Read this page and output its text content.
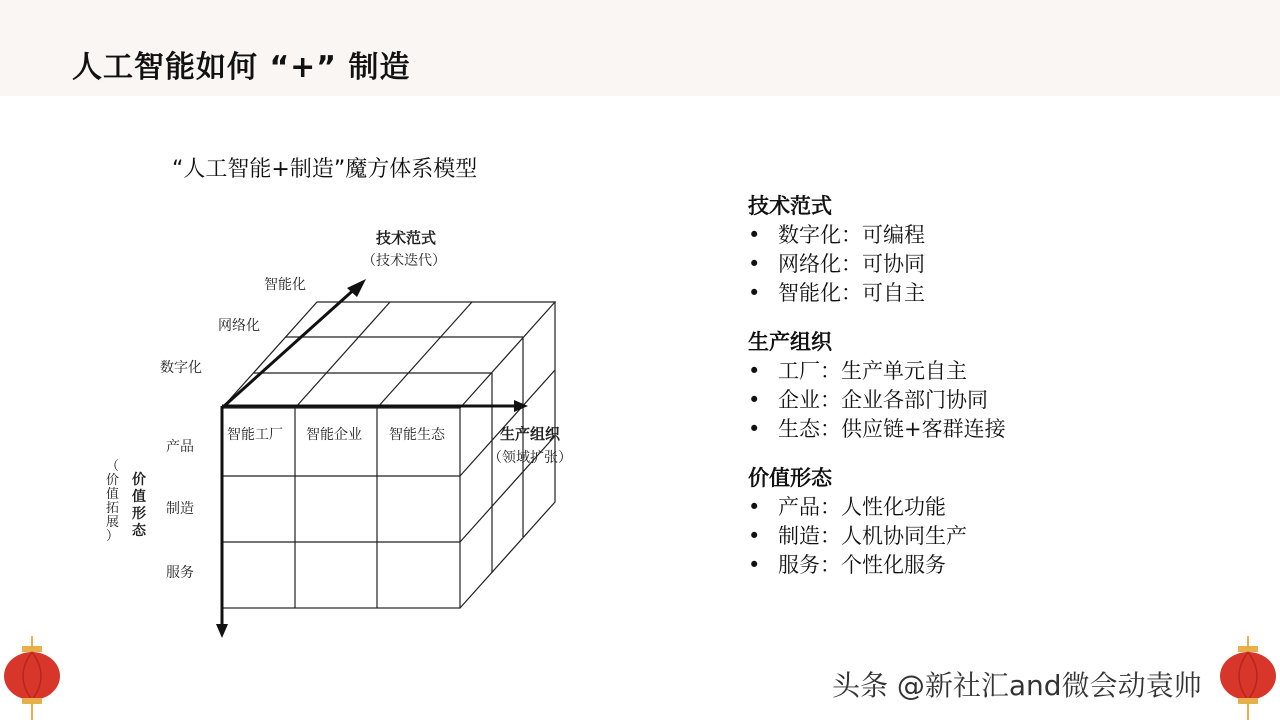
人工智能如何 “+” 制造
“人工智能+制造”魔方体系模型
技术范式
（技术迭代）
生产组织
（领域扩张）
数字化
网络化
智能化
产品
制造
服务
智能工厂 智能企业 智能生态
价值形态
（价值拓展）
技术范式
• 数字化：可编程
• 网络化：可协同
• 智能化：可自主
生产组织
• 工厂：生产单元自主
• 企业：企业各部门协同
• 生态：供应链+客群连接
价值形态
• 产品：人性化功能
• 制造：人机协同生产
• 服务：个性化服务
头条 @新社汇and微会动袁帅
